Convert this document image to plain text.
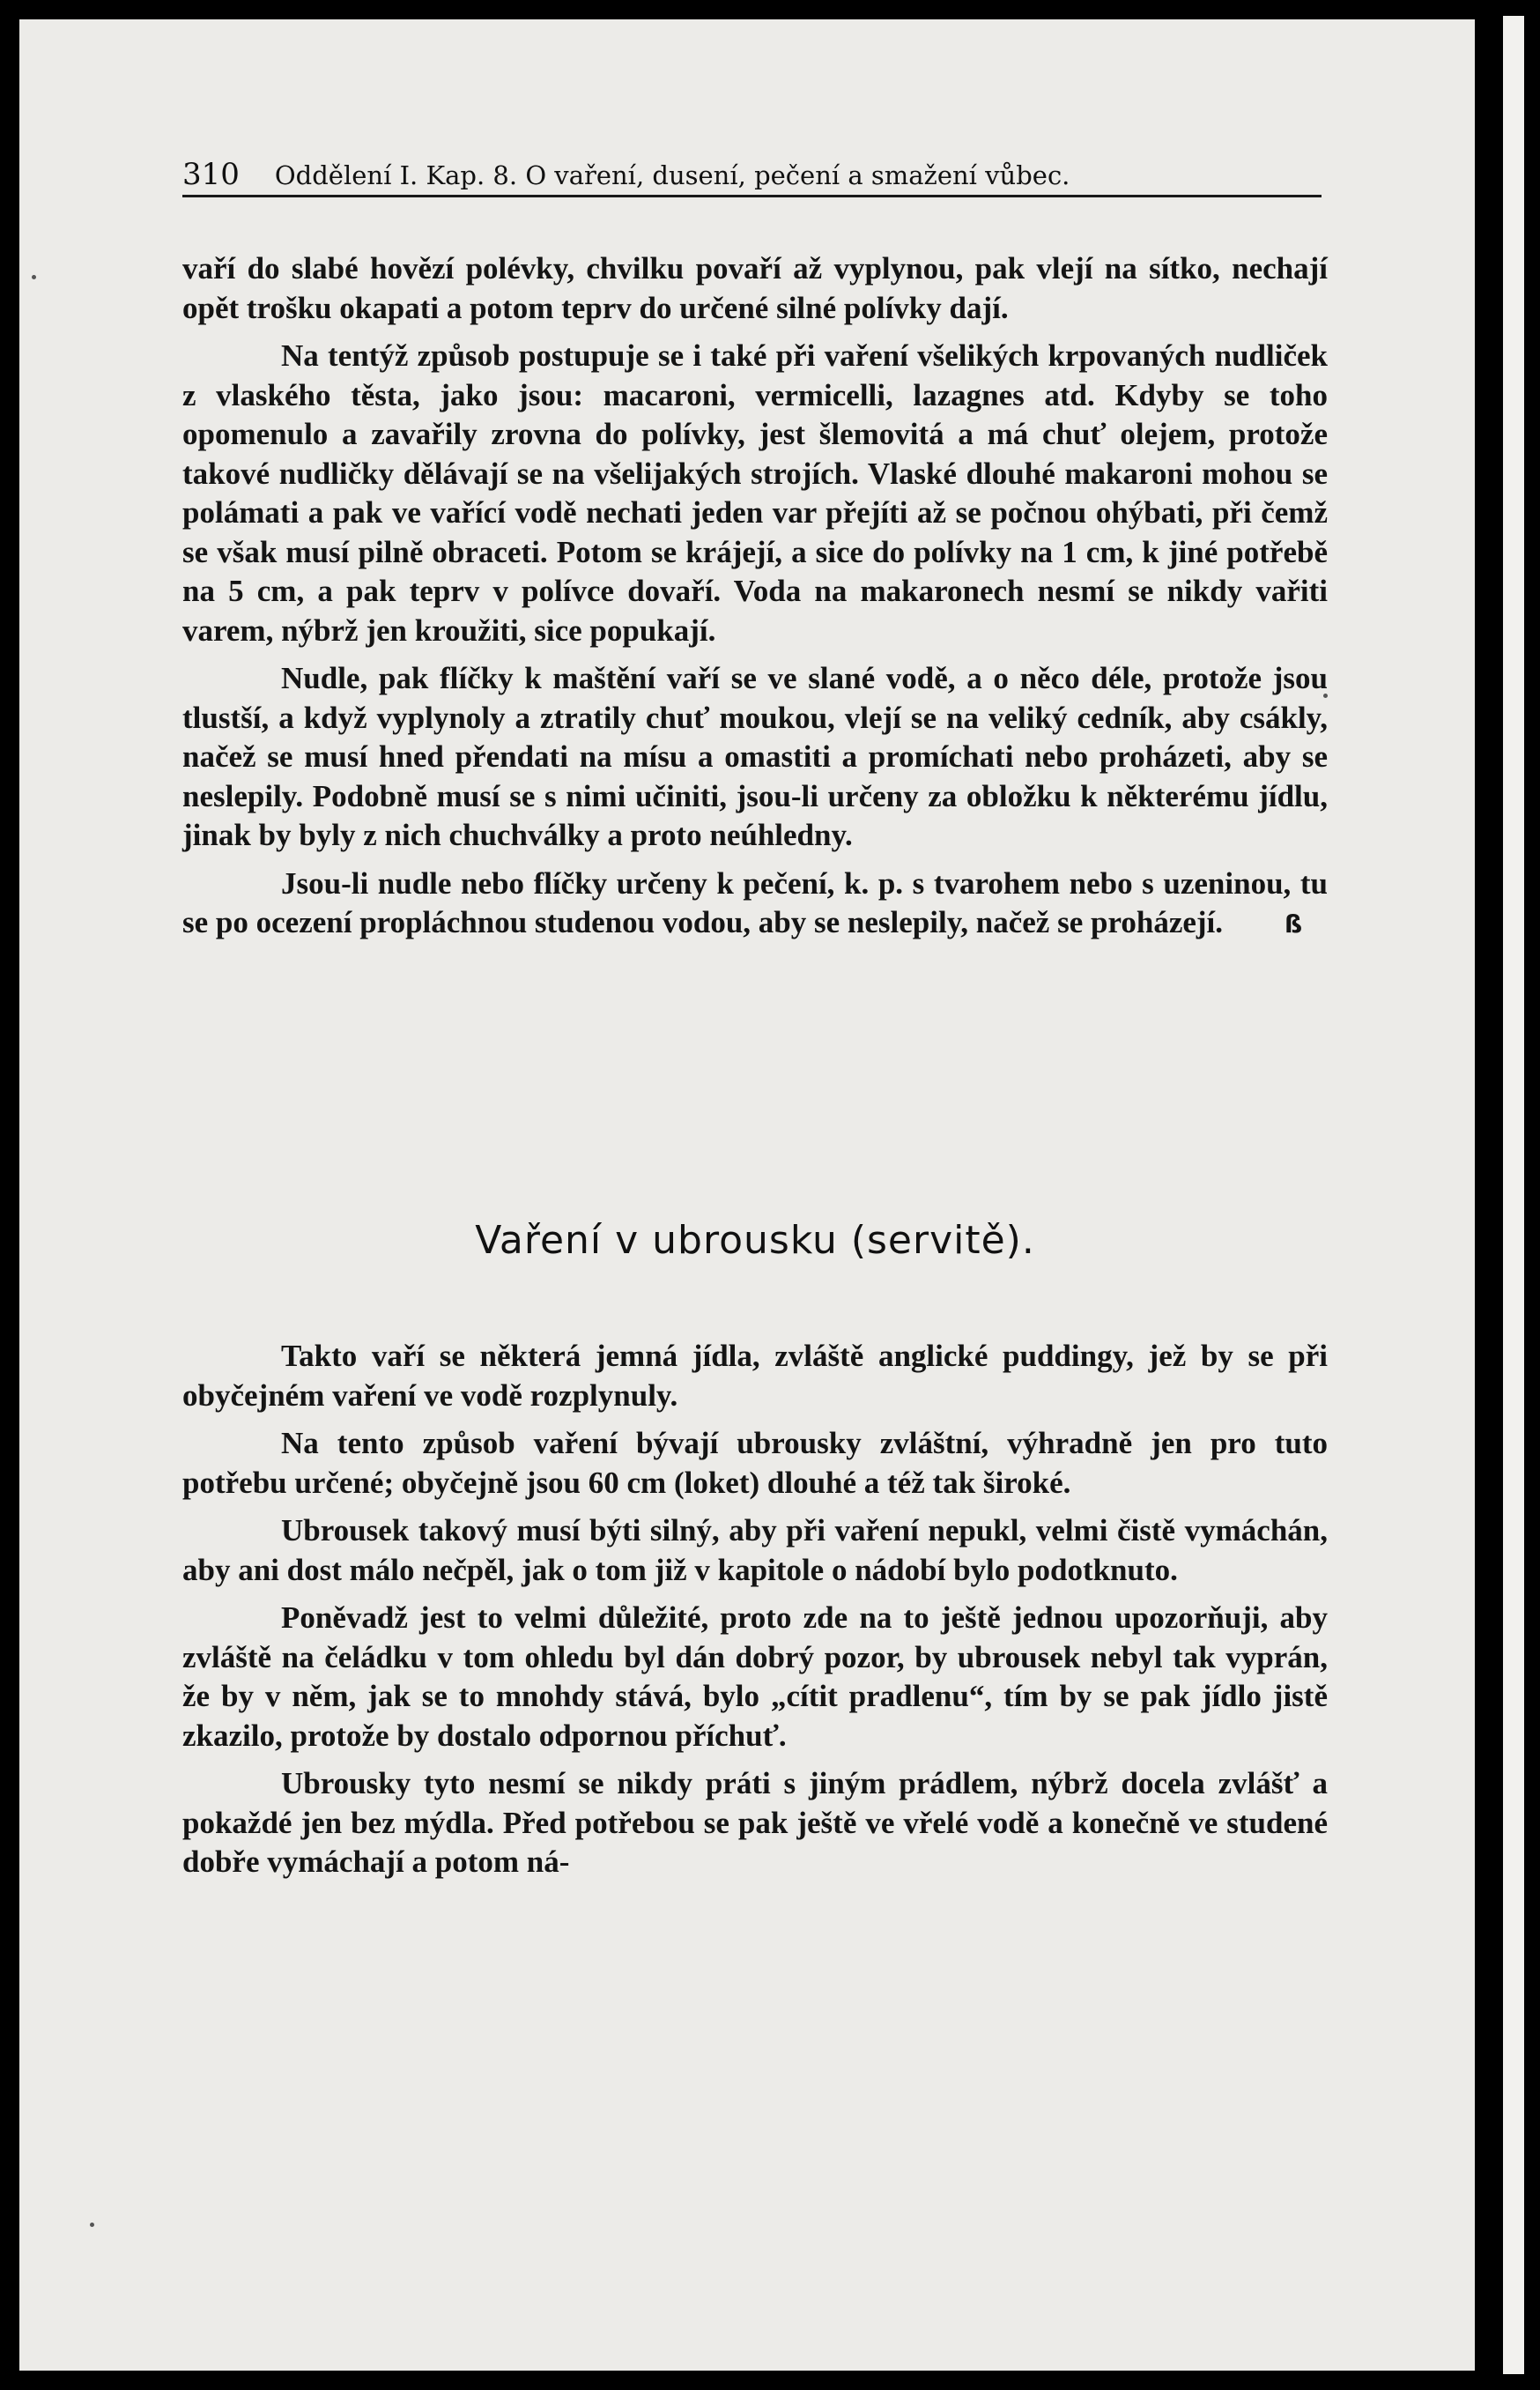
310 Oddělení I. Kap. 8. O vaření, dusení, pečení a smažení vůbec.

vaří do slabé hovězí polévky, chvilku povaří až vyplynou, pak vlejí na sítko, nechají opět trošku okapati a potom teprv do určené silné polívky dají.

Na tentýž způsob postupuje se i také při vaření všelikých krpovaných nudliček z vlaského těsta, jako jsou: macaroni, vermicelli, lazagnes atd. Kdyby se toho opomenulo a zavařily zrovna do polívky, jest šlemovitá a má chuť olejem, protože takové nudličky dělávají se na všelijakých strojích. Vlaské dlouhé makaroni mohou se polámati a pak ve vařící vodě nechati jeden var přejíti až se počnou ohýbati, při čemž se však musí pilně obraceti. Potom se krájejí, a sice do polívky na 1 cm, k jiné potřebě na 5 cm, a pak teprv v polívce dovaří. Voda na makaronech nesmí se nikdy vařiti varem, nýbrž jen kroužiti, sice popukají.

Nudle, pak flíčky k maštění vaří se ve slané vodě, a o něco déle, protože jsou tlustší, a když vyplynoly a ztratily chuť moukou, vlejí se na veliký cedník, aby csákly, načež se musí hned přendati na mísu a omastiti a promíchati nebo proházeti, aby se neslepily. Podobně musí se s nimi učiniti, jsou-li určeny za obložku k některému jídlu, jinak by byly z nich chuchválky a proto neúhledny.

Jsou-li nudle nebo flíčky určeny k pečení, k. p. s tvarohem nebo s uzeninou, tu se po ocezení propláchnou studenou vodou, aby se neslepily, načež se proházejí.	ß

Vaření v ubrousku (servitě).

Takto vaří se některá jemná jídla, zvláště anglické puddingy, jež by se při obyčejném vaření ve vodě rozplynuly.

Na tento způsob vaření bývají ubrousky zvláštní, výhradně jen pro tuto potřebu určené; obyčejně jsou 60 cm (loket) dlouhé a též tak široké.

Ubrousek takový musí býti silný, aby při vaření nepukl, velmi čistě vymáchán, aby ani dost málo nečpěl, jak o tom již v kapitole o nádobí bylo podotknuto.

Poněvadž jest to velmi důležité, proto zde na to ještě jednou upozorňuji, aby zvláště na čeládku v tom ohledu byl dán dobrý pozor, by ubrousek nebyl tak vyprán, že by v něm, jak se to mnohdy stává, bylo „cítit pradlenu“, tím by se pak jídlo jistě zkazilo, protože by dostalo odpornou příchuť.

Ubrousky tyto nesmí se nikdy práti s jiným prádlem, nýbrž docela zvlášť a pokaždé jen bez mýdla. Před potřebou se pak ještě ve vřelé vodě a konečně ve studené dobře vymáchají a potom ná-
